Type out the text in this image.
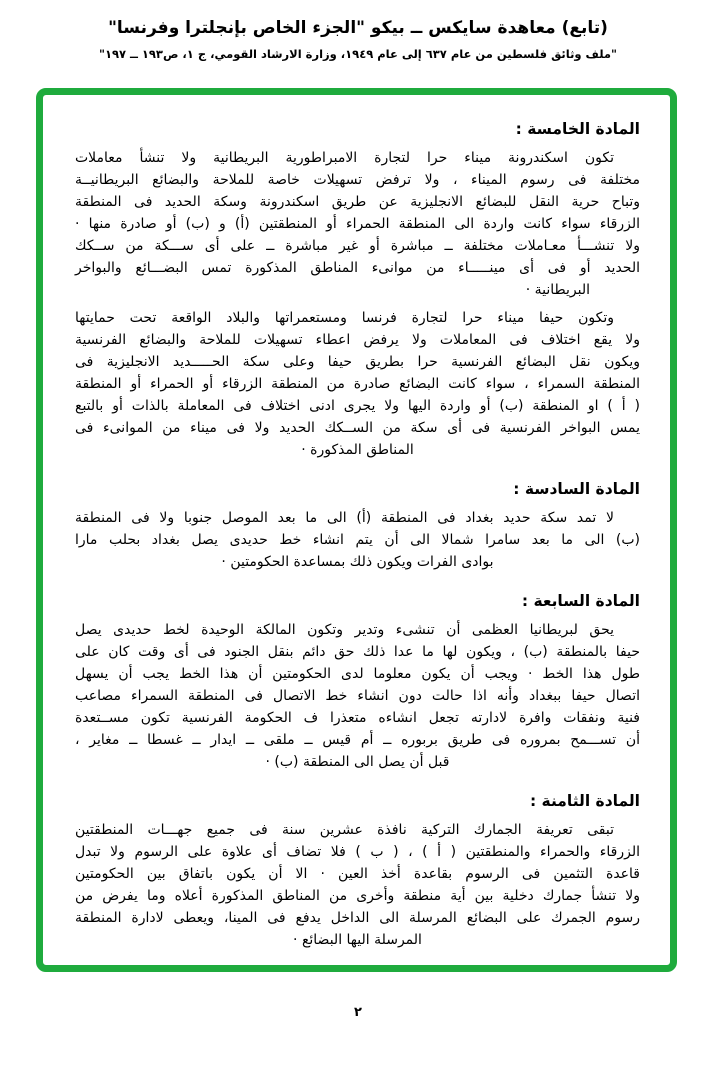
(تابع) معاهدة سايكس ــ بيكو "الجزء الخاص بإنجلترا وفرنسا"
"ملف وثائق فلسطين من عام ٦٣٧ إلى عام ١٩٤٩، وزارة الارشاد القومي، ج ١، ص١٩٣ ــ ١٩٧"
المادة الخامسة :
تكون اسكندرونة ميناء حرا لتجارة الامبراطورية البريطانية ولا تنشأ معاملات
مختلفة فى رسوم الميناء ، ولا ترفض تسهيلات خاصة للملاحة والبضائع البريطانيــة
وتباح حرية النقل للبضائع الانجليزية عن طريق اسكندرونة وسكة الحديد فى المنطقة
الزرقاء سواء كانت واردة الى المنطقة الحمراء أو المنطقتين (أ) و (ب) أو صادرة منها ·
ولا تنشـــأ معـاملات مختلفة ــ مباشرة أو غير مباشرة ــ على أى ســـكة من ســكك
الحديد أو فى أى مينـــــاء من موانىء المناطق المذكورة تمس البضـــائع والبواخر
البريطانية ·
وتكون حيفا ميناء حرا لتجارة فرنسا ومستعمراتها والبلاد الواقعة تحت حمايتها
ولا يقع اختلاف فى المعاملات ولا يرفض اعطاء تسهيلات للملاحة والبضائع الفرنسية
ويكون نقل البضائع الفرنسية حرا بطريق حيفا وعلى سكة الحـــــديد الانجليزية فى
المنطقة السمراء ، سواء كانت البضائع صادرة من المنطقة الزرقاء أو الحمراء أو المنطقة
( أ ) او المنطقة (ب) أو واردة اليها ولا يجرى ادنى اختلاف فى المعاملة بالذات أو بالتبع
يمس البواخر الفرنسية فى أى سكة من الســكك الحديد ولا فى ميناء من الموانىء فى
المناطق المذكورة ·
المادة السادسة :
لا تمد سكة حديد بغداد فى المنطقة (أ) الى ما بعد الموصل جنوبا ولا فى المنطقة
(ب) الى ما بعد سامرا شمالا الى أن يتم انشاء خط حديدى يصل بغداد بحلب مارا
بوادى الفرات ويكون ذلك بمساعدة الحكومتين ·
المادة السابعة :
يحق لبريطانيا العظمى أن تنشىء وتدير وتكون المالكة الوحيدة لخط حديدى يصل
حيفا بالمنطقة (ب) ، ويكون لها ما عدا ذلك حق دائم بنقل الجنود فى أى وقت كان على
طول هذا الخط · ويجب أن يكون معلوما لدى الحكومتين أن هذا الخط يجب أن يسهل
اتصال حيفا ببغداد وأنه اذا حالت دون انشاء خط الاتصال فى المنطقة السمراء مصاعب
فنية ونفقات وافرة لادارته تجعل انشاءه متعذرا ف الحكومة الفرنسية تكون مســتعدة
أن تســـمح بمروره فى طريق بربوره ــ أم قيس ــ ملقى ــ ايدار ــ غسطا ــ مغاير ،
قبل أن يصل الى المنطقة (ب) ·
المادة الثامنة :
تبقى تعريفة الجمارك التركية نافذة عشرين سنة فى جميع جهـــات المنطقتين
الزرقاء والحمراء والمنطقتين ( أ ) ، ( ب ) فلا تضاف أى علاوة على الرسوم ولا تبدل
قاعدة التثمين فى الرسوم بقاعدة أخذ العين · الا أن يكون باتفاق بين الحكومتين
ولا تنشأ جمارك دخلية بين أية منطقة وأخرى من المناطق المذكورة أعلاه وما يفرض من
رسوم الجمرك على البضائع المرسلة الى الداخل يدفع فى المينا، ويعطى لادارة المنطقة
المرسلة اليها البضائع ·
٢
